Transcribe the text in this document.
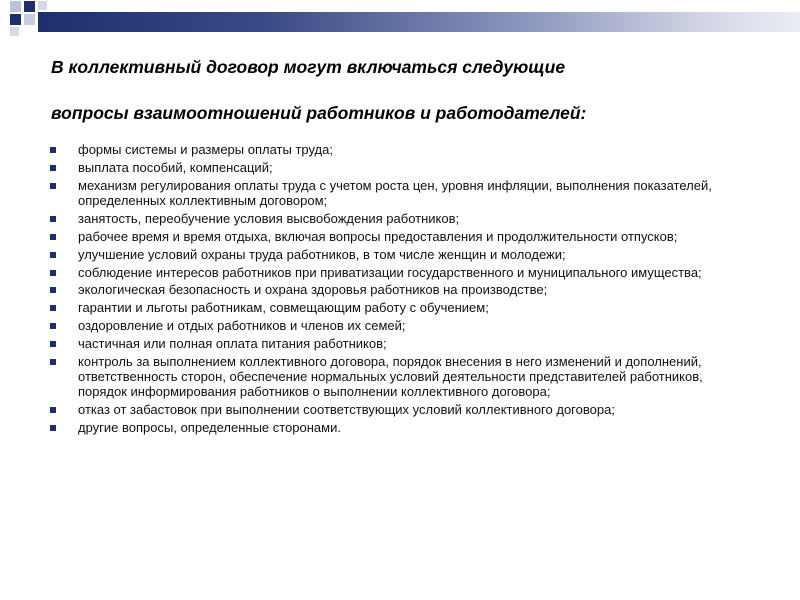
В коллективный договор могут включаться следующие
вопросы взаимоотношений работников и работодателей:
формы системы и размеры оплаты труда;
выплата пособий, компенсаций;
механизм регулирования оплаты труда с учетом роста цен, уровня инфляции, выполнения показателей, определенных коллективным договором;
занятость, переобучение условия высвобождения работников;
рабочее время и время отдыха, включая вопросы предоставления и продолжительности отпусков;
улучшение условий охраны труда работников, в том числе женщин и молодежи;
соблюдение интересов работников при приватизации государственного и муниципального имущества;
экологическая безопасность и охрана здоровья работников на производстве;
гарантии и льготы работникам, совмещающим работу с обучением;
оздоровление и отдых работников и членов их семей;
частичная или полная оплата питания работников;
контроль за выполнением коллективного договора, порядок внесения в него изменений и дополнений, ответственность сторон, обеспечение нормальных условий деятельности представителей работников, порядок информирования работников о выполнении коллективного договора;
отказ от забастовок при выполнении соответствующих условий коллективного договора;
другие вопросы, определенные сторонами.
